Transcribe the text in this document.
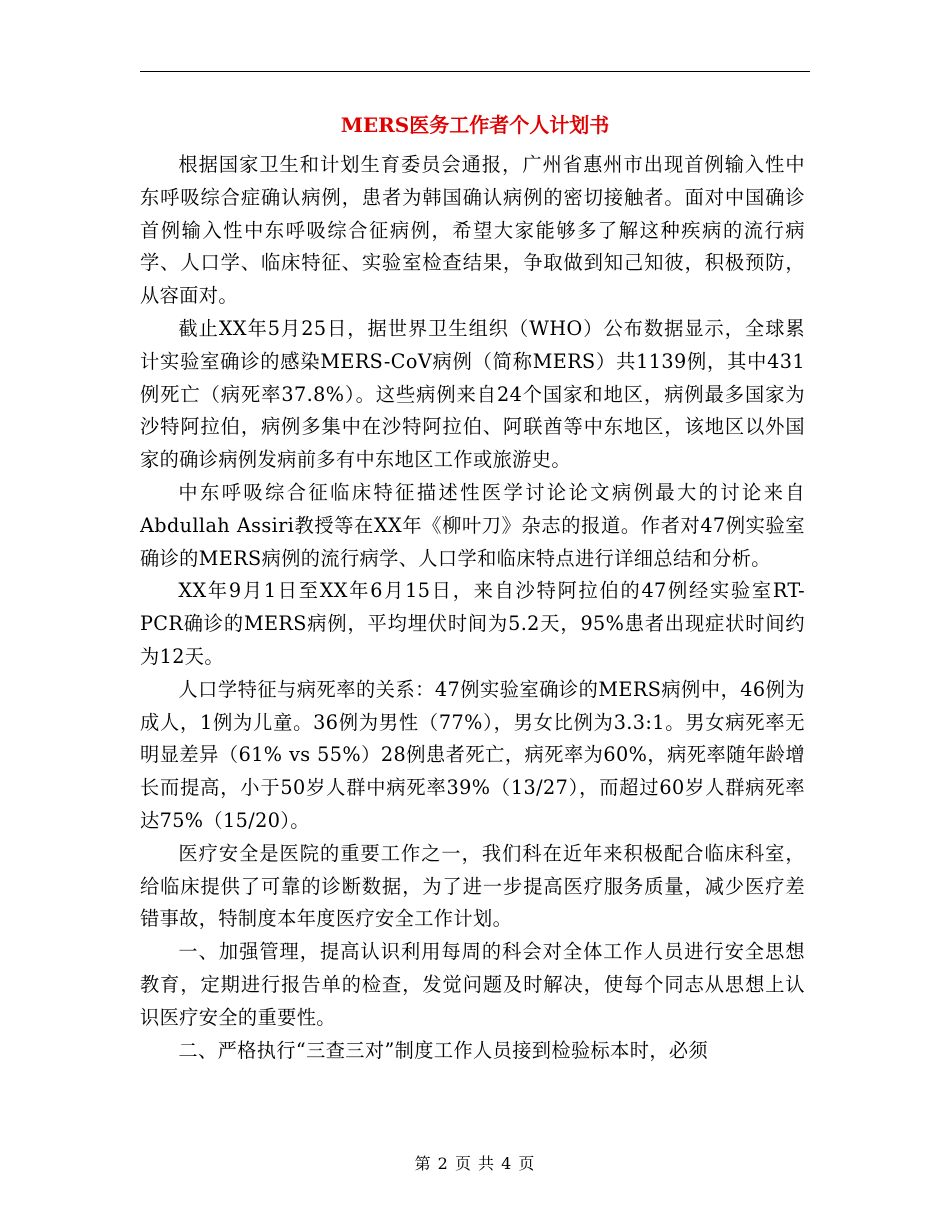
MERS医务工作者个人计划书

根据国家卫生和计划生育委员会通报，广州省惠州市出现首例输入性中东呼吸综合症确认病例，患者为韩国确认病例的密切接触者。面对中国确诊首例输入性中东呼吸综合征病例，希望大家能够多了解这种疾病的流行病学、人口学、临床特征、实验室检查结果，争取做到知己知彼，积极预防，从容面对。

截止XX年5月25日，据世界卫生组织（WHO）公布数据显示，全球累计实验室确诊的感染MERS-CoV病例（简称MERS）共1139例，其中431例死亡（病死率37.8%）。这些病例来自24个国家和地区，病例最多国家为沙特阿拉伯，病例多集中在沙特阿拉伯、阿联酋等中东地区，该地区以外国家的确诊病例发病前多有中东地区工作或旅游史。

中东呼吸综合征临床特征描述性医学讨论论文病例最大的讨论来自Abdullah Assiri教授等在XX年《柳叶刀》杂志的报道。作者对47例实验室确诊的MERS病例的流行病学、人口学和临床特点进行详细总结和分析。

XX年9月1日至XX年6月15日，来自沙特阿拉伯的47例经实验室RT-PCR确诊的MERS病例，平均埋伏时间为5.2天，95%患者出现症状时间约为12天。

人口学特征与病死率的关系：47例实验室确诊的MERS病例中，46例为成人，1例为儿童。36例为男性（77%），男女比例为3.3:1。男女病死率无明显差异（61% vs 55%）28例患者死亡，病死率为60%，病死率随年龄增长而提高，小于50岁人群中病死率39%（13/27），而超过60岁人群病死率达75%（15/20）。

医疗安全是医院的重要工作之一，我们科在近年来积极配合临床科室，给临床提供了可靠的诊断数据，为了进一步提高医疗服务质量，减少医疗差错事故，特制度本年度医疗安全工作计划。

一、加强管理，提高认识利用每周的科会对全体工作人员进行安全思想教育，定期进行报告单的检查，发觉问题及时解决，使每个同志从思想上认识医疗安全的重要性。

二、严格执行“三查三对”制度工作人员接到检验标本时，必须

第 2 页 共 4 页
